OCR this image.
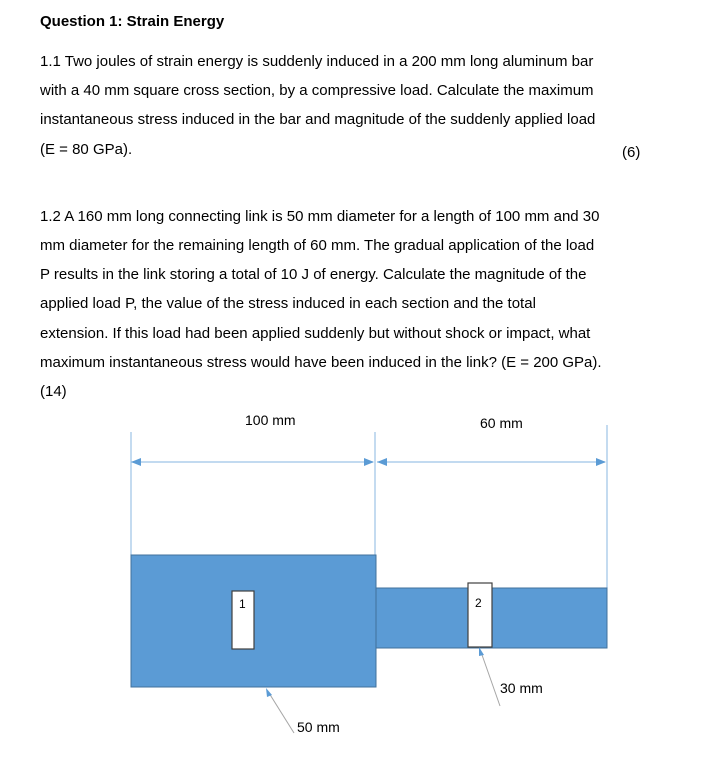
Question 1: Strain Energy
1.1 Two joules of strain energy is suddenly induced in a 200 mm long aluminum bar
with a 40 mm square cross section, by a compressive load. Calculate the maximum
instantaneous stress induced in the bar and magnitude of the suddenly applied load
(E = 80 GPa).	(6)
1.2 A 160 mm long connecting link is 50 mm diameter for a length of 100 mm and 30
mm diameter for the remaining length of 60 mm. The gradual application of the load
P results in the link storing a total of 10 J of energy. Calculate the magnitude of the
applied load P, the value of the stress induced in each section and the total
extension. If this load had been applied suddenly but without shock or impact, what
maximum instantaneous stress would have been induced in the link? (E = 200 GPa).
(14)
100 mm	60 mm
1	2
50 mm
30 mm
